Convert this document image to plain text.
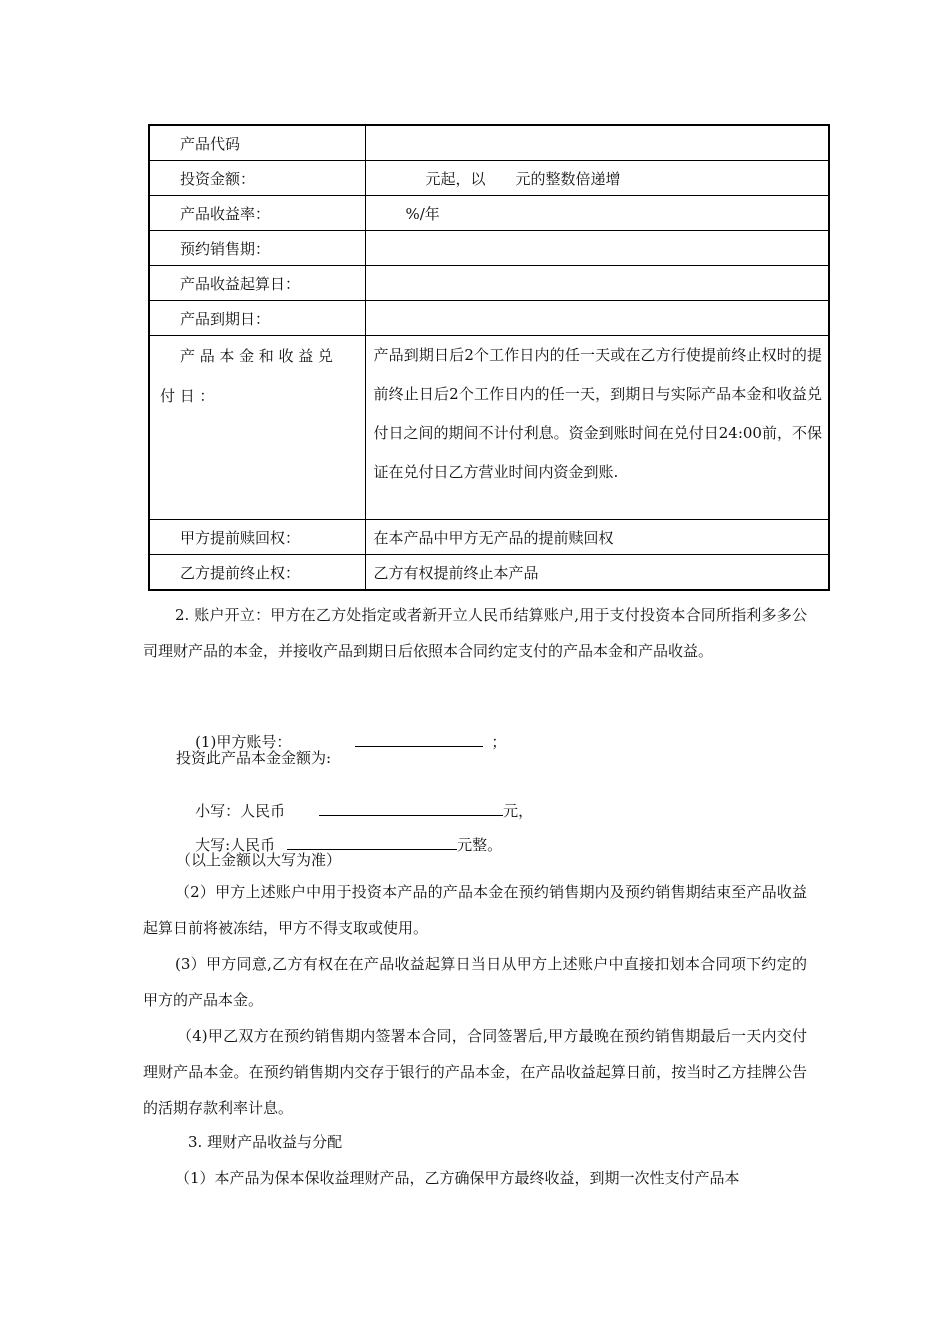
产品代码	
投资金额：	元起，以　　元的整数倍递增
产品收益率：	%/年
预约销售期：	
产品收益起算日：	
产品到期日：	
产品本金和收益兑付日：	产品到期日后2个工作日内的任一天或在乙方行使提前终止权时的提前终止日后2个工作日内的任一天，到期日与实际产品本金和收益兑付日之间的期间不计付利息。资金到账时间在兑付日24:00前，不保证在兑付日乙方营业时间内资金到账.
甲方提前赎回权：	在本产品中甲方无产品的提前赎回权
乙方提前终止权：	乙方有权提前终止本产品
2. 账户开立：甲方在乙方处指定或者新开立人民币结算账户,用于支付投资本合同所指利多多公司理财产品的本金，并接收产品到期日后依照本合同约定支付的产品本金和产品收益。

(1)甲方账号：	；

投资此产品本金金额为:

小写：人民币	元，

大写:人民币	元整。

（以上金额以大写为准）
（2）甲方上述账户中用于投资本产品的产品本金在预约销售期内及预约销售期结束至产品收益起算日前将被冻结，甲方不得支取或使用。
(3）甲方同意,乙方有权在在产品收益起算日当日从甲方上述账户中直接扣划本合同项下约定的甲方的产品本金。
（4)甲乙双方在预约销售期内签署本合同，合同签署后,甲方最晚在预约销售期最后一天内交付理财产品本金。在预约销售期内交存于银行的产品本金，在产品收益起算日前，按当时乙方挂牌公告的活期存款利率计息。
3. 理财产品收益与分配
（1）本产品为保本保收益理财产品，乙方确保甲方最终收益，到期一次性支付产品本
